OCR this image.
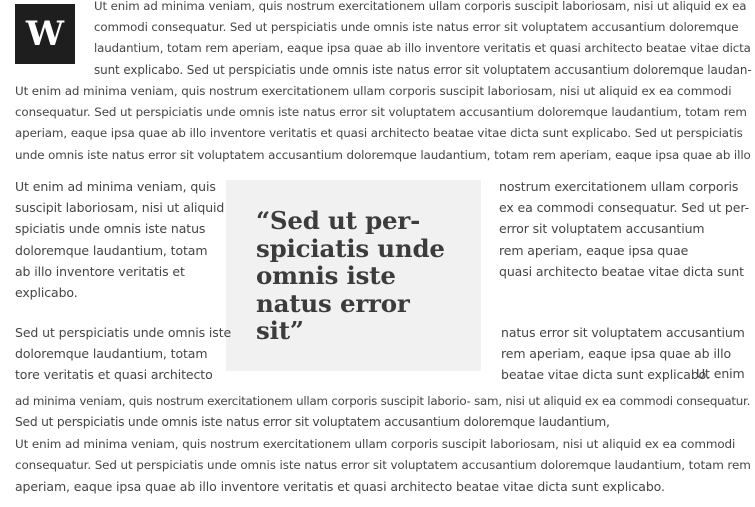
W
Ut enim ad minima veniam, quis nostrum exercitationem ullam corporis suscipit laboriosam, nisi ut aliquid ex ea
commodi consequatur. Sed ut perspiciatis unde omnis iste natus error sit voluptatem accusantium doloremque
laudantium, totam rem aperiam, eaque ipsa quae ab illo inventore veritatis et quasi architecto beatae vitae dicta
sunt explicabo. Sed ut perspiciatis unde omnis iste natus error sit voluptatem accusantium doloremque laudan-
Ut enim ad minima veniam, quis nostrum exercitationem ullam corporis suscipit laboriosam, nisi ut aliquid ex ea commodi
consequatur. Sed ut perspiciatis unde omnis iste natus error sit voluptatem accusantium doloremque laudantium, totam rem
aperiam, eaque ipsa quae ab illo inventore veritatis et quasi architecto beatae vitae dicta sunt explicabo. Sed ut perspiciatis
unde omnis iste natus error sit voluptatem accusantium doloremque laudantium, totam rem aperiam, eaque ipsa quae ab illo
“Sed ut per-
spiciatis unde
omnis iste
natus error
sit”
Ut enim ad minima veniam, quis
suscipit laboriosam, nisi ut aliquid
spiciatis unde omnis iste natus
doloremque laudantium, totam
ab illo inventore veritatis et
explicabo.
nostrum exercitationem ullam corporis
ex ea commodi consequatur. Sed ut per-
error sit voluptatem accusantium
rem aperiam, eaque ipsa quae
quasi architecto beatae vitae dicta sunt
Sed ut perspiciatis unde omnis iste
doloremque laudantium, totam
tore veritatis et quasi architecto
natus error sit voluptatem accusantium
rem aperiam, eaque ipsa quae ab illo
beatae vitae dicta sunt explicabo.
Ut enim
ad minima veniam, quis nostrum exercitationem ullam corporis suscipit laborio- sam, nisi ut aliquid ex ea commodi consequatur.
Sed ut perspiciatis unde omnis iste natus error sit voluptatem accusantium doloremque laudantium,
Ut enim ad minima veniam, quis nostrum exercitationem ullam corporis suscipit laboriosam, nisi ut aliquid ex ea commodi
consequatur. Sed ut perspiciatis unde omnis iste natus error sit voluptatem accusantium doloremque laudantium, totam rem
aperiam, eaque ipsa quae ab illo inventore veritatis et quasi architecto beatae vitae dicta sunt explicabo.
